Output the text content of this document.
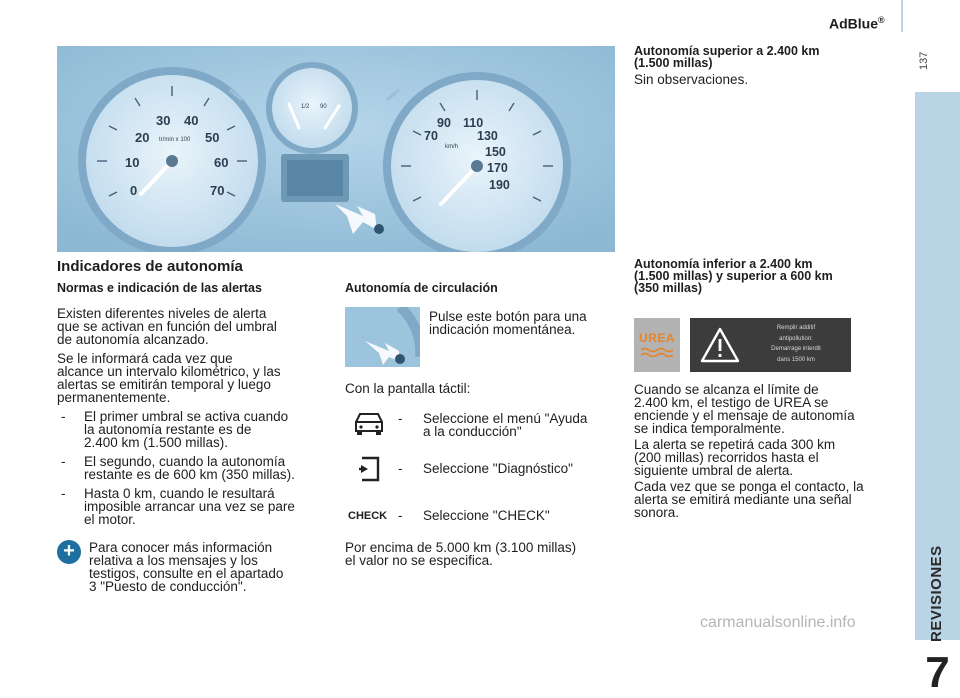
AdBlue®
137
REVISIONES
7
0
10
20
30 40
50
60
70
tr/min x 100
1/2 90
70
90 110
130
150
170
190
km/h
Indicadores de autonomía
Normas e indicación de las alertas
Existen diferentes niveles de alerta
que se activan en función del umbral
de autonomía alcanzado.
Se le informará cada vez que
alcance un intervalo kilométrico, y las
alertas se emitirán temporal y luego
permanentemente.
- El primer umbral se activa cuando
la autonomía restante es de
2.400 km (1.500 millas).
- El segundo, cuando la autonomía
restante es de 600 km (350 millas).
- Hasta 0 km, cuando le resultará
imposible arrancar una vez se pare
el motor.
+	Para conocer más información
relativa a los mensajes y los
testigos, consulte en el apartado
3 "Puesto de conducción".
Autonomía de circulación
Pulse este botón para una
indicación momentánea.
Con la pantalla táctil:
- Seleccione el menú "Ayuda
a la conducción"
- Seleccione "Diagnóstico"
CHECK - Seleccione "CHECK"
Por encima de 5.000 km (3.100 millas)
el valor no se especifica.
Autonomía superior a 2.400 km
(1.500 millas)
Sin observaciones.
Autonomía inferior a 2.400 km
(1.500 millas) y superior a 600 km
(350 millas)
UREA
Remplir additif
antipollution:
Demarrage interdit
dans 1500 km
Cuando se alcanza el límite de
2.400 km, el testigo de UREA se
enciende y el mensaje de autonomía
se indica temporalmente.
La alerta se repetirá cada 300 km
(200 millas) recorridos hasta el
siguiente umbral de alerta.
Cada vez que se ponga el contacto, la
alerta se emitirá mediante una señal
sonora.
carmanualsonline.info
